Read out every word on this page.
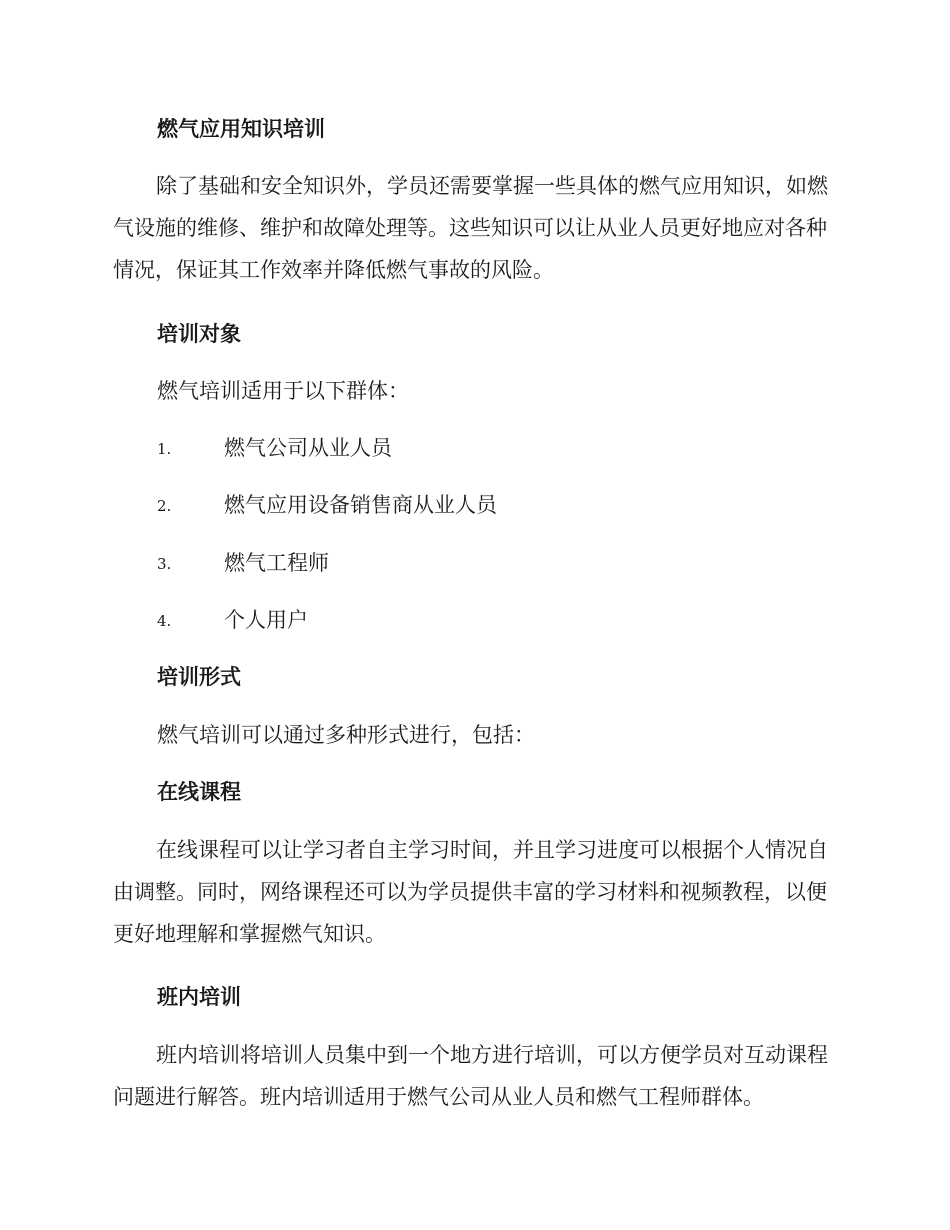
燃气应用知识培训

除了基础和安全知识外，学员还需要掌握一些具体的燃气应用知识，如燃气设施的维修、维护和故障处理等。这些知识可以让从业人员更好地应对各种情况，保证其工作效率并降低燃气事故的风险。

培训对象

燃气培训适用于以下群体：

1.	燃气公司从业人员
2.	燃气应用设备销售商从业人员
3.	燃气工程师
4.	个人用户
培训形式

燃气培训可以通过多种形式进行，包括：

在线课程

在线课程可以让学习者自主学习时间，并且学习进度可以根据个人情况自由调整。同时，网络课程还可以为学员提供丰富的学习材料和视频教程，以便更好地理解和掌握燃气知识。

班内培训

班内培训将培训人员集中到一个地方进行培训，可以方便学员对互动课程问题进行解答。班内培训适用于燃气公司从业人员和燃气工程师群体。
